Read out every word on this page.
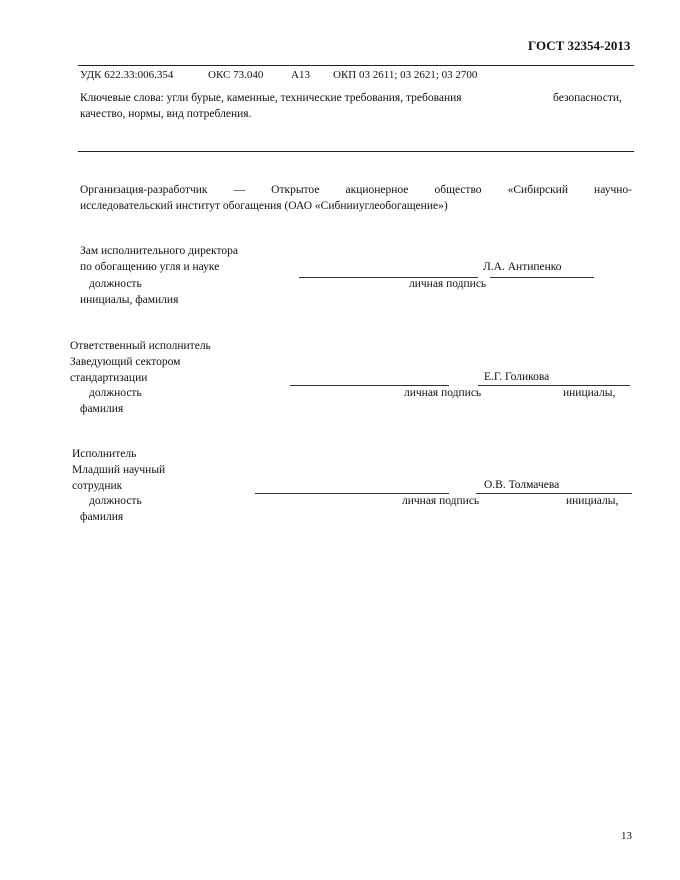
ГОСТ 32354-2013
УДК 622.33:006.354	ОКС 73.040	А13 ОКП 03 2611; 03 2621; 03 2700
Ключевые слова: угли бурые, каменные, технические требования, требования	безопасности,
качество, нормы, вид потребления.
Организация-разработчик — Открытое акционерное общество «Сибирский научно-
исследовательский институт обогащения (ОАО «Сибнииуглеобогащение»)
Зам исполнительного директора
по обогащению угля и науке	Л.А. Антипенко
должность	личная подпись
инициалы, фамилия
Ответственный исполнитель
Заведующий сектором
стандартизации	Е.Г. Голикова
должность	личная подпись	инициалы,
фамилия
Исполнитель
Младший научный
сотрудник	О.В. Толмачева
должность	личная подпись	инициалы,
фамилия
13
